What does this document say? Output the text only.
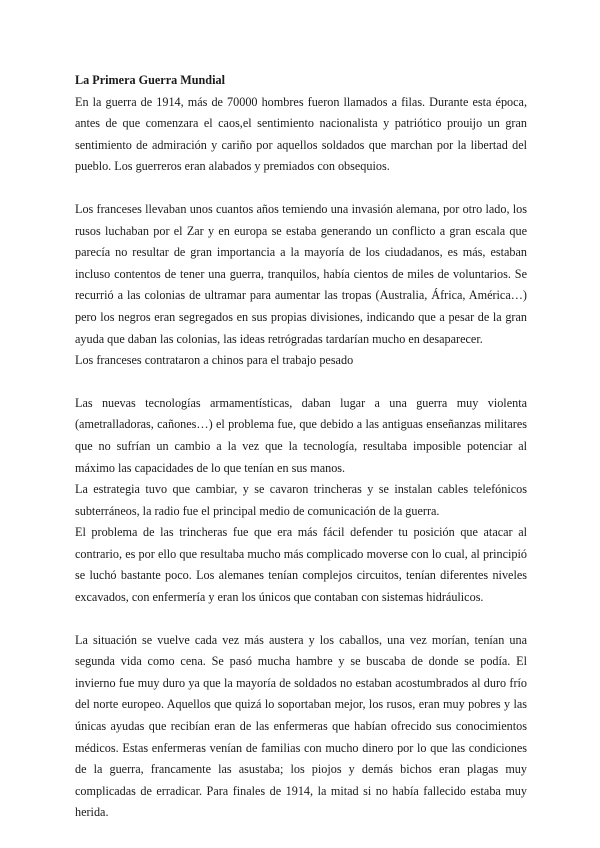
La Primera Guerra Mundial

En la guerra de 1914, más de 70000 hombres fueron llamados a filas. Durante esta época, antes de que comenzara el caos,el sentimiento nacionalista y patriótico prouijo un gran sentimiento de admiración y cariño por aquellos soldados que marchan por la libertad del pueblo. Los guerreros eran alabados y premiados con obsequios.

Los franceses llevaban unos cuantos años temiendo una invasión alemana, por otro lado, los rusos luchaban por el Zar y en europa se estaba generando un conflicto a gran escala que parecía no resultar de gran importancia a la mayoría de los ciudadanos, es más, estaban incluso contentos de tener una guerra, tranquilos, había cientos de miles de voluntarios. Se recurrió a las colonias de ultramar para aumentar las tropas (Australia, África, América…) pero los negros eran segregados en sus propias divisiones, indicando que a pesar de la gran ayuda que daban las colonias, las ideas retrógradas tardarían mucho en desaparecer.

Los franceses contrataron a chinos para el trabajo pesado

Las nuevas tecnologías armamentísticas, daban lugar a una guerra muy violenta (ametralladoras, cañones…) el problema fue, que debido a las antiguas enseñanzas militares que no sufrían un cambio a la vez que la tecnología, resultaba imposible potenciar al máximo las capacidades de lo que tenían en sus manos.

La estrategia tuvo que cambiar, y se cavaron trincheras y se instalan cables telefónicos subterráneos, la radio fue el principal medio de comunicación de la guerra.

El problema de las trincheras fue que era más fácil defender tu posición que atacar al contrario, es por ello que resultaba mucho más complicado moverse con lo cual, al principió se luchó bastante poco. Los alemanes tenían complejos circuitos, tenían diferentes niveles excavados, con enfermería y eran los únicos que contaban con sistemas hidráulicos.

La situación se vuelve cada vez más austera y los caballos, una vez morían, tenían una segunda vida como cena. Se pasó mucha hambre y se buscaba de donde se podía. El invierno fue muy duro ya que la mayoría de soldados no estaban acostumbrados al duro frío del norte europeo. Aquellos que quizá lo soportaban mejor, los rusos, eran muy pobres y las únicas ayudas que recibían eran de las enfermeras que habían ofrecido sus conocimientos médicos. Estas enfermeras venían de familias con mucho dinero por lo que las condiciones de la guerra, francamente las asustaba; los piojos y demás bichos eran plagas muy complicadas de erradicar. Para finales de 1914, la mitad si no había fallecido estaba muy herida.
